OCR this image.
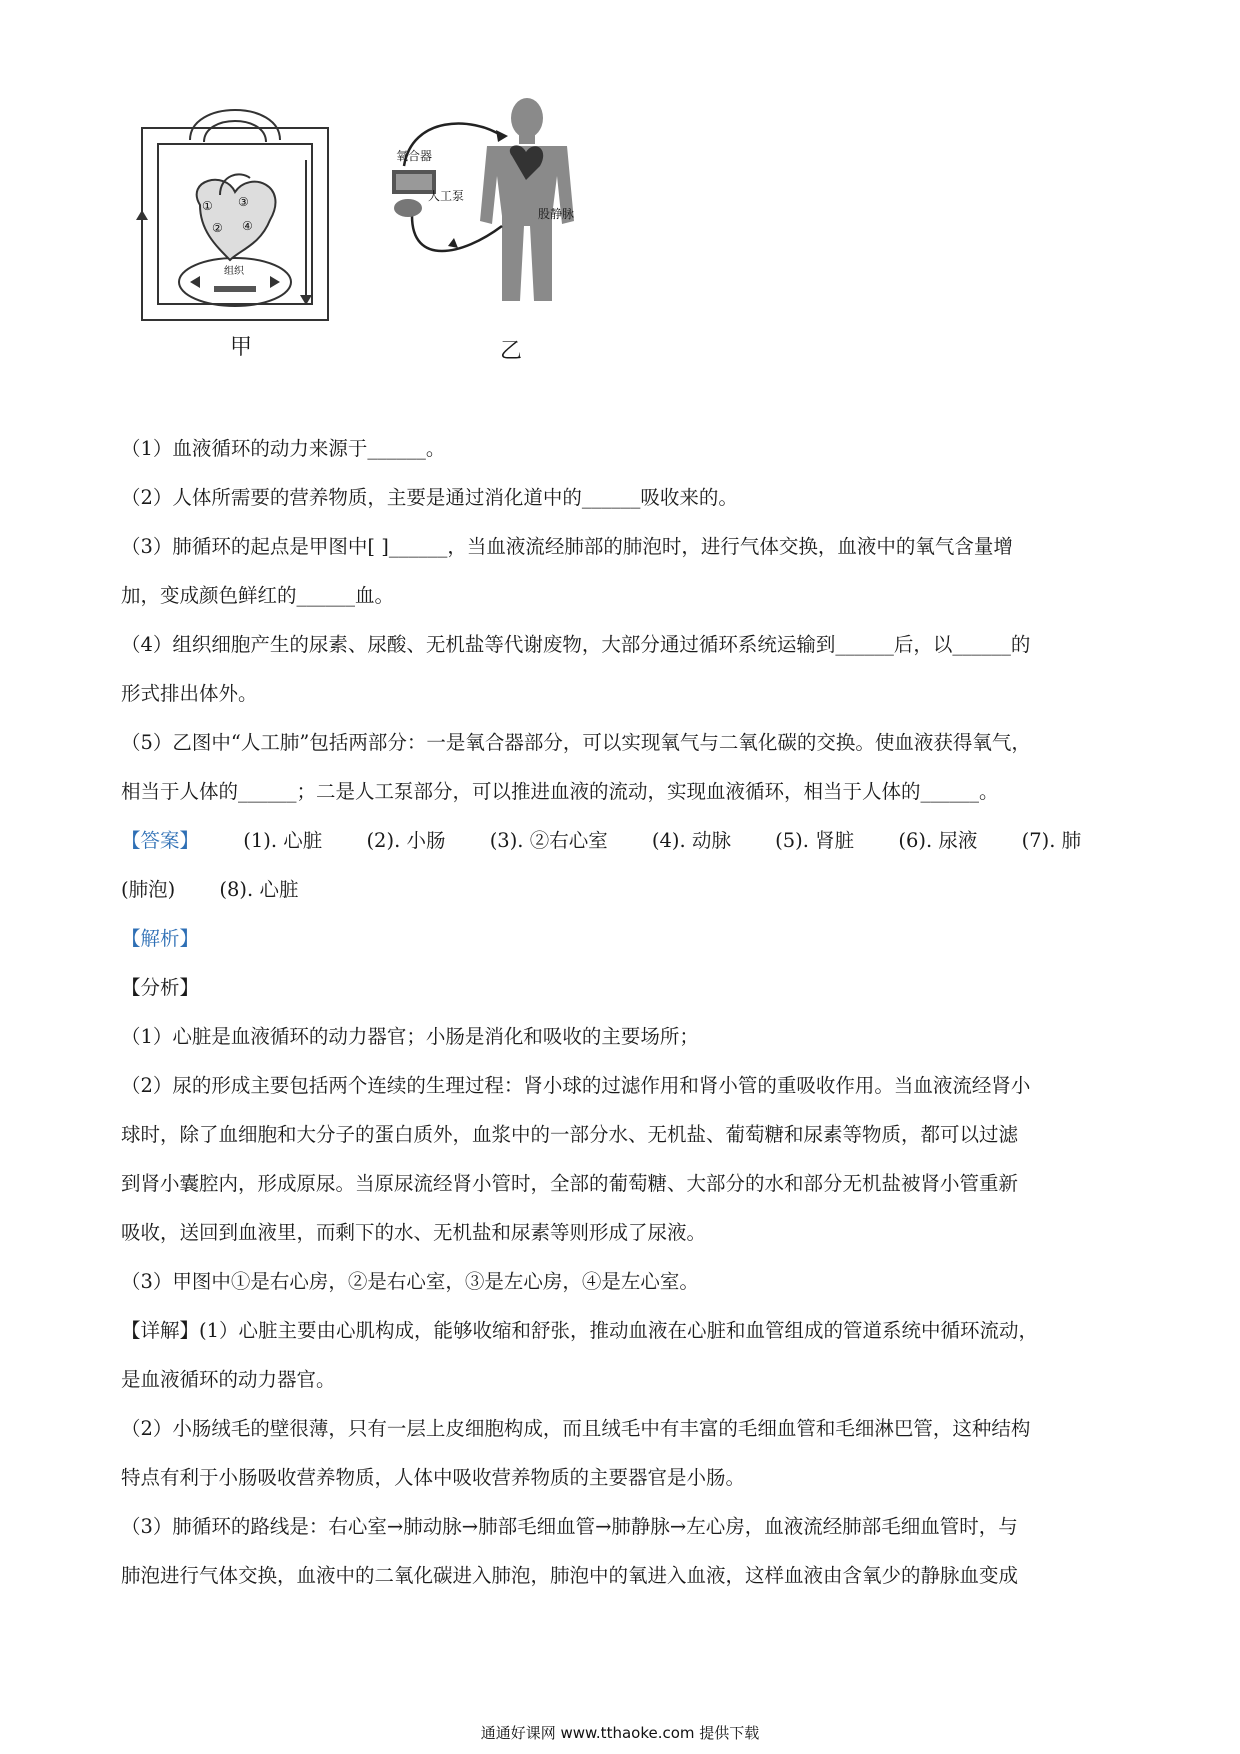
① ③
② ④
组织
氧合器
人工泵
股静脉
甲	乙
（1）血液循环的动力来源于______。
（2）人体所需要的营养物质，主要是通过消化道中的______吸收来的。
（3）肺循环的起点是甲图中[ ]______，当血液流经肺部的肺泡时，进行气体交换，血液中的氧气含量增
加，变成颜色鲜红的______血。
（4）组织细胞产生的尿素、尿酸、无机盐等代谢废物，大部分通过循环系统运输到______后，以______的
形式排出体外。
（5）乙图中“人工肺”包括两部分：一是氧合器部分，可以实现氧气与二氧化碳的交换。使血液获得氧气，
相当于人体的______；二是人工泵部分，可以推进血液的流动，实现血液循环，相当于人体的______。
【答案】 (1). 心脏 (2). 小肠 (3). ②右心室 (4). 动脉 (5). 肾脏 (6). 尿液 (7). 肺
(肺泡) (8). 心脏
【解析】
【分析】
（1）心脏是血液循环的动力器官；小肠是消化和吸收的主要场所；
（2）尿的形成主要包括两个连续的生理过程：肾小球的过滤作用和肾小管的重吸收作用。当血液流经肾小
球时，除了血细胞和大分子的蛋白质外，血浆中的一部分水、无机盐、葡萄糖和尿素等物质，都可以过滤
到肾小囊腔内，形成原尿。当原尿流经肾小管时，全部的葡萄糖、大部分的水和部分无机盐被肾小管重新
吸收，送回到血液里，而剩下的水、无机盐和尿素等则形成了尿液。
（3）甲图中①是右心房，②是右心室，③是左心房，④是左心室。
【详解】(1）心脏主要由心肌构成，能够收缩和舒张，推动血液在心脏和血管组成的管道系统中循环流动，
是血液循环的动力器官。
（2）小肠绒毛的壁很薄，只有一层上皮细胞构成，而且绒毛中有丰富的毛细血管和毛细淋巴管，这种结构
特点有利于小肠吸收营养物质，人体中吸收营养物质的主要器官是小肠。
（3）肺循环的路线是：右心室→肺动脉→肺部毛细血管→肺静脉→左心房，血液流经肺部毛细血管时，与
肺泡进行气体交换，血液中的二氧化碳进入肺泡，肺泡中的氧进入血液，这样血液由含氧少的静脉血变成
通通好课网 www.tthaoke.com 提供下载
